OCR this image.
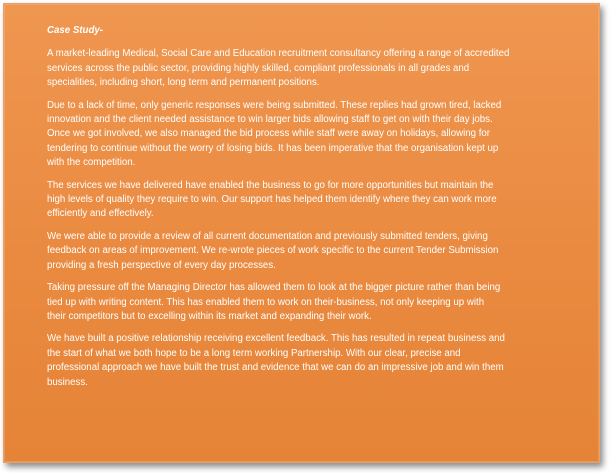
Case Study-

A market-leading Medical, Social Care and Education recruitment consultancy offering a range of accredited
services across the public sector, providing highly skilled, compliant professionals in all grades and
specialities, including short, long term and permanent positions.

Due to a lack of time, only generic responses were being submitted. These replies had grown tired, lacked
innovation and the client needed assistance to win larger bids allowing staff to get on with their day jobs.
Once we got involved, we also managed the bid process while staff were away on holidays, allowing for
tendering to continue without the worry of losing bids. It has been imperative that the organisation kept up
with the competition.

The services we have delivered have enabled the business to go for more opportunities but maintain the
high levels of quality they require to win. Our support has helped them identify where they can work more
efficiently and effectively.

We were able to provide a review of all current documentation and previously submitted tenders, giving
feedback on areas of improvement. We re-wrote pieces of work specific to the current Tender Submission
providing a fresh perspective of every day processes.

Taking pressure off the Managing Director has allowed them to look at the bigger picture rather than being
tied up with writing content. This has enabled them to work on their-business, not only keeping up with
their competitors but to excelling within its market and expanding their work.

We have built a positive relationship receiving excellent feedback. This has resulted in repeat business and
the start of what we both hope to be a long term working Partnership. With our clear, precise and
professional approach we have built the trust and evidence that we can do an impressive job and win them
business.
